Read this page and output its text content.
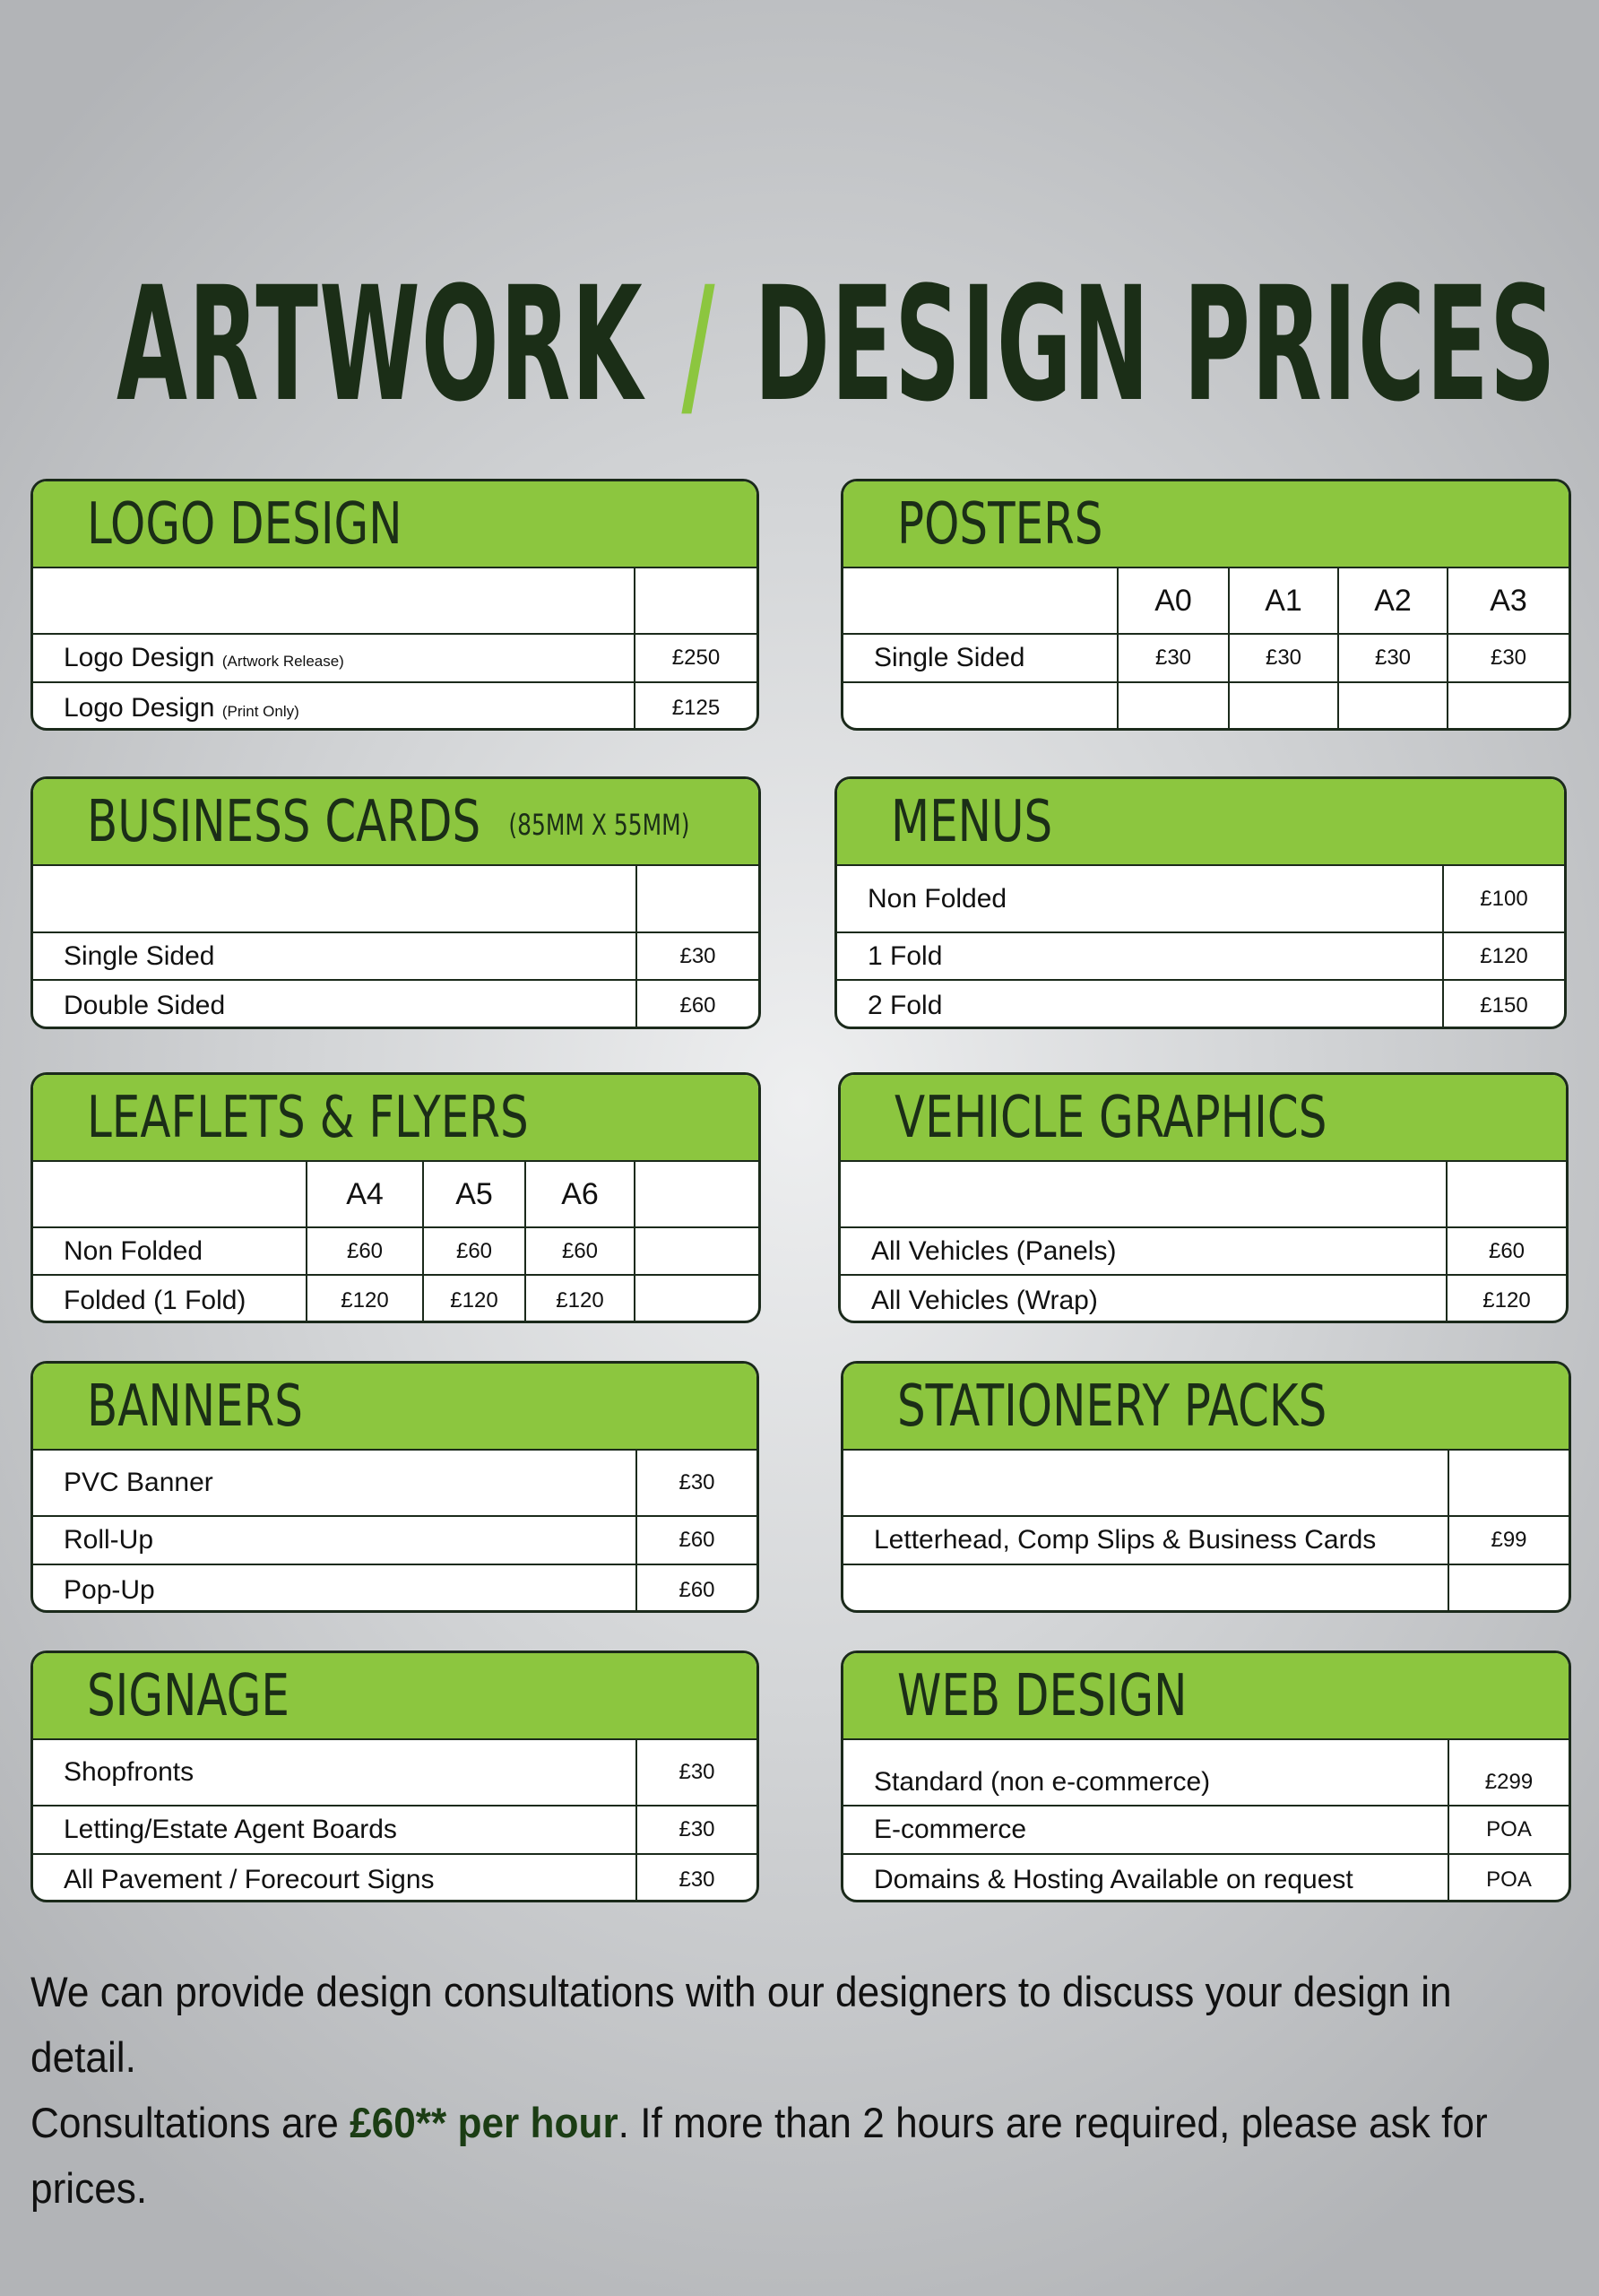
ARTWORK / DESIGN PRICES
LOGO DESIGN

Logo Design (Artwork Release)	£250
Logo Design (Print Only)	£125
POSTERS
	A0	A1	A2	A3
Single Sided	£30	£30	£30	£30

BUSINESS CARDS (85MM X 55MM)

Single Sided	£30
Double Sided	£60
MENUS
Non Folded	£100
1 Fold	£120
2 Fold	£150
LEAFLETS & FLYERS
	A4	A5	A6	
Non Folded	£60	£60	£60	
Folded (1 Fold)	£120	£120	£120	
VEHICLE GRAPHICS

All Vehicles (Panels)	£60
All Vehicles (Wrap)	£120
BANNERS
PVC Banner	£30
Roll-Up	£60
Pop-Up	£60
STATIONERY PACKS

Letterhead, Comp Slips & Business Cards	£99

SIGNAGE
Shopfronts	£30
Letting/Estate Agent Boards	£30
All Pavement / Forecourt Signs	£30
WEB DESIGN
Standard (non e-commerce)	£299
E-commerce	POA
Domains & Hosting Available on request	POA
We can provide design consultations with our designers to discuss your design in detail.
Consultations are £60** per hour. If more than 2 hours are required, please ask for
prices.
